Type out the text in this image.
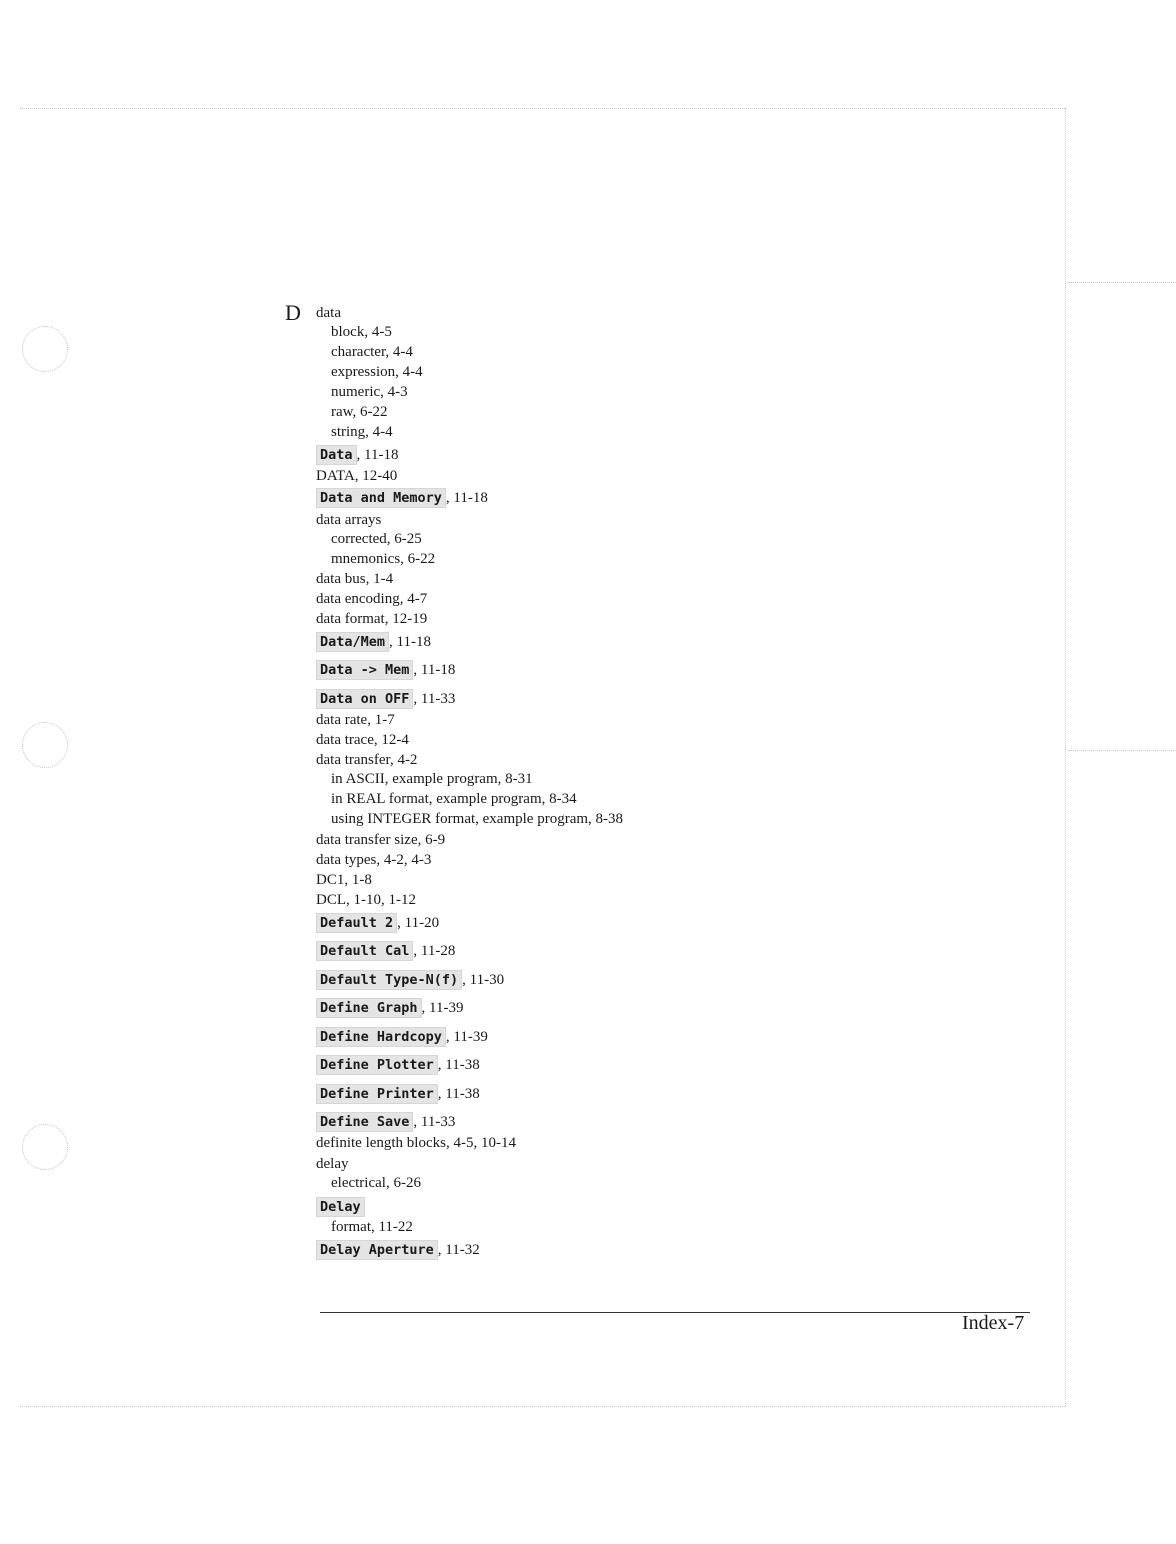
D data
block, 4-5
character, 4-4
expression, 4-4
numeric, 4-3
raw, 6-22
string, 4-4
Data , 11-18
DATA, 12-40
Data and Memory , 11-18
data arrays
corrected, 6-25
mnemonics, 6-22
data bus, 1-4
data encoding, 4-7
data format, 12-19
Data/Mem , 11-18
Data -> Mem , 11-18
Data on OFF , 11-33
data rate, 1-7
data trace, 12-4
data transfer, 4-2
in ASCII, example program, 8-31
in REAL format, example program, 8-34
using INTEGER format, example program, 8-38
data transfer size, 6-9
data types, 4-2, 4-3
DC1, 1-8
DCL, 1-10, 1-12
Default 2 , 11-20
Default Cal , 11-28
Default Type-N(f) , 11-30
Define Graph , 11-39
Define Hardcopy , 11-39
Define Plotter , 11-38
Define Printer , 11-38
Define Save , 11-33
definite length blocks, 4-5, 10-14
delay
electrical, 6-26
Delay
format, 11-22
Delay Aperture , 11-32
Index-7
